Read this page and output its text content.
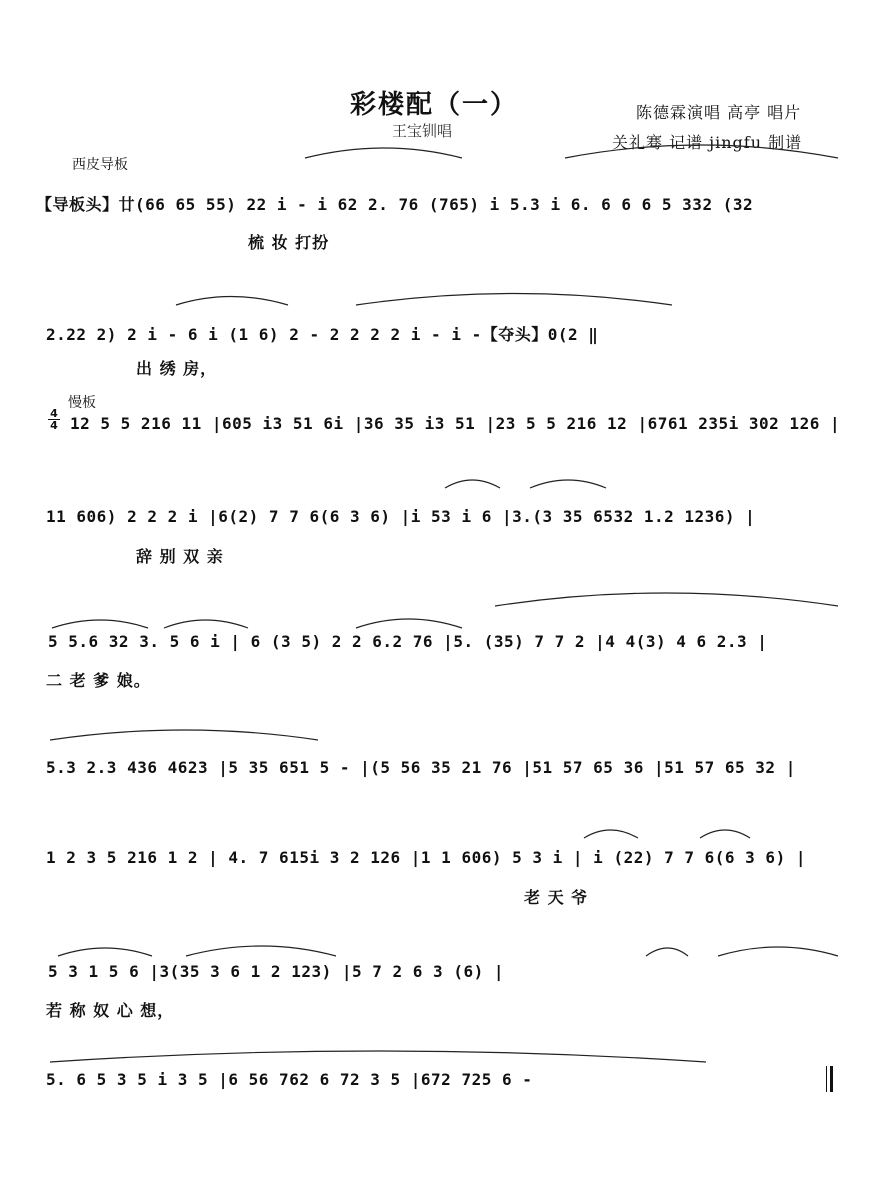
彩楼配（一）
王宝钏唱
陈德霖演唱 高亭 唱片
关礼骞 记谱 jingfu 制谱
西皮导板
慢板
4
4
【导板头】廿(66 65 55) 22 i - i 62 2. 76 (765) i 5.3 i 6. 6 6 6 5 332 (32
梳 妆 打扮
2.22 2) 2 i - 6 i (1 6) 2 - 2 2 2 2 i - i -【夺头】0(2 ‖
出 绣 房，
12 5 5 216 11 |605 i3 51 6i |36 35 i3 51 |23 5 5 216 12 |6761 235i 302 126 |
11 606) 2 2 2 i |6(2) 7 7 6(6 3 6) |i 53 i 6 |3.(3 35 6532 1.2 1236) |
辞 别 双 亲
5 5.6 32 3. 5 6 i | 6 (3 5) 2 2 6.2 76 |5. (35) 7 7 2 |4 4(3) 4 6 2.3 |
二 老 爹 娘。
5.3 2.3 436 4623 |5 35 651 5 - |(5 56 35 21 76 |51 57 65 36 |51 57 65 32 |
1 2 3 5 216 1 2 | 4. 7 615i 3 2 126 |1 1 606) 5 3 i | i (22) 7 7 6(6 3 6) |
老 天 爷
5 3 1 5 6 |3(35 3 6 1 2 123) |5 7 2 6 3 (6) |
若 称 奴 心 想，
5. 6 5 3 5 i 3 5 |6 56 762 6 72 3 5 |672 725 6 -
